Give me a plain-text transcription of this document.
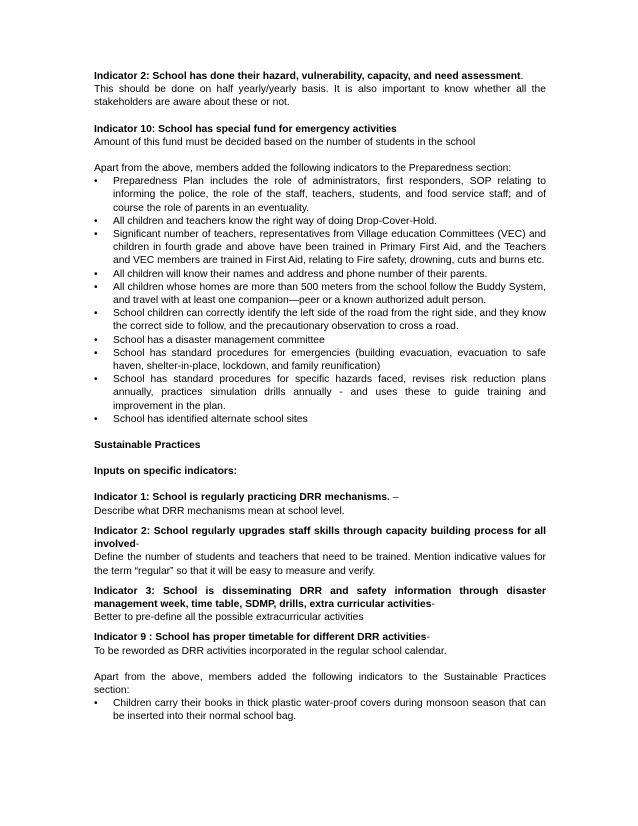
Indicator 2: School has done their hazard, vulnerability, capacity, and need assessment.

This should be done on half yearly/yearly basis. It is also important to know whether all the stakeholders are aware about these or not.

Indicator 10: School has special fund for emergency activities

Amount of this fund must be decided based on the number of students in the school

Apart from the above, members added the following indicators to the Preparedness section:

•	Preparedness Plan includes the role of administrators, first responders, SOP relating to informing the police, the role of the staff, teachers, students, and food service staff; and of course the role of parents in an eventuality.
•	All children and teachers know the right way of doing Drop-Cover-Hold.
•	Significant number of teachers, representatives from Village education Committees (VEC) and children in fourth grade and above have been trained in Primary First Aid, and the Teachers and VEC members are trained in First Aid, relating to Fire safety, drowning, cuts and burns etc.
•	All children will know their names and address and phone number of their parents.
•	All children whose homes are more than 500 meters from the school follow the Buddy System, and travel with at least one companion—peer or a known authorized adult person.
•	School children can correctly identify the left side of the road from the right side, and they know the correct side to follow, and the precautionary observation to cross a road.
•	School has a disaster management committee
•	School has standard procedures for emergencies (building evacuation, evacuation to safe haven, shelter-in-place, lockdown, and family reunification)
•	School has standard procedures for specific hazards faced, revises risk reduction plans annually, practices simulation drills annually - and uses these to guide training and improvement in the plan.
•	School has identified alternate school sites

Sustainable Practices

Inputs on specific indicators:

Indicator 1: School is regularly practicing DRR mechanisms. –

Describe what DRR mechanisms mean at school level.

Indicator 2: School regularly upgrades staff skills through capacity building process for all involved-

Define the number of students and teachers that need to be trained. Mention indicative values for the term “regular” so that it will be easy to measure and verify.

Indicator 3: School is disseminating DRR and safety information through disaster management week, time table, SDMP, drills, extra curricular activities-

Better to pre-define all the possible extracurricular activities

Indicator 9 : School has proper timetable for different DRR activities-

To be reworded as DRR activities incorporated in the regular school calendar.

Apart from the above, members added the following indicators to the Sustainable Practices section:

•	Children carry their books in thick plastic water-proof covers during monsoon season that can be inserted into their normal school bag.
